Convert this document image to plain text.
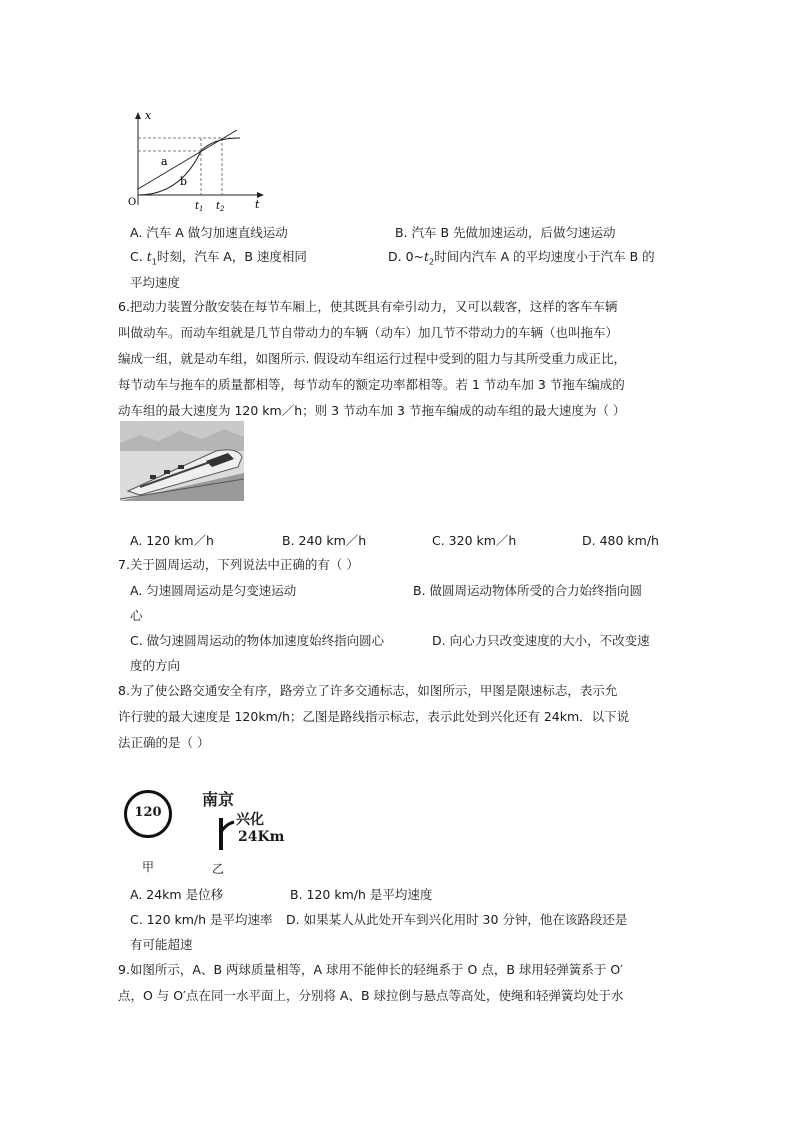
x
t
O
a
b
$t_1$ $t_2$
A. 汽车 A 做匀加速直线运动	B. 汽车 B 先做加速运动，后做匀速运动
C. $t_1$时刻，汽车 A，B 速度相同	D. $0\sim t_2$时间内汽车 A 的平均速度小于汽车 B 的
平均速度
6.把动力装置分散安装在每节车厢上，使其既具有牵引动力，又可以载客，这样的客车车辆
叫做动车。而动车组就是几节自带动力的车辆（动车）加几节不带动力的车辆（也叫拖车）
编成一组，就是动车组，如图所示. 假设动车组运行过程中受到的阻力与其所受重力成正比，
每节动车与拖车的质量都相等，每节动车的额定功率都相等。若 1 节动车加 3 节拖车编成的
动车组的最大速度为 120 km／h；则 3 节动车加 3 节拖车编成的动车组的最大速度为（ ）
A. 120 km／h	B. 240 km／h	C. 320 km／h	D. 480 km/h
7.关于圆周运动，下列说法中正确的有（ ）
A. 匀速圆周运动是匀变速运动	B. 做圆周运动物体所受的合力始终指向圆
心
C. 做匀速圆周运动的物体加速度始终指向圆心	D. 向心力只改变速度的大小，不改变速
度的方向
8.为了使公路交通安全有序，路旁立了许多交通标志，如图所示，甲图是限速标志，表示允
许行驶的最大速度是 120km/h；乙图是路线指示标志，表示此处到兴化还有 24km．以下说
法正确的是（ ）
120
甲
南京
兴化
24Km
乙
A. 24km 是位移	B. 120 km/h 是平均速度
C. 120 km/h 是平均速率 D. 如果某人从此处开车到兴化用时 30 分钟，他在该路段还是
有可能超速
9.如图所示，A、B 两球质量相等，A 球用不能伸长的轻绳系于 O 点，B 球用轻弹簧系于 O′
点，O 与 O′点在同一水平面上，分别将 A、B 球拉倒与悬点等高处，使绳和轻弹簧均处于水
